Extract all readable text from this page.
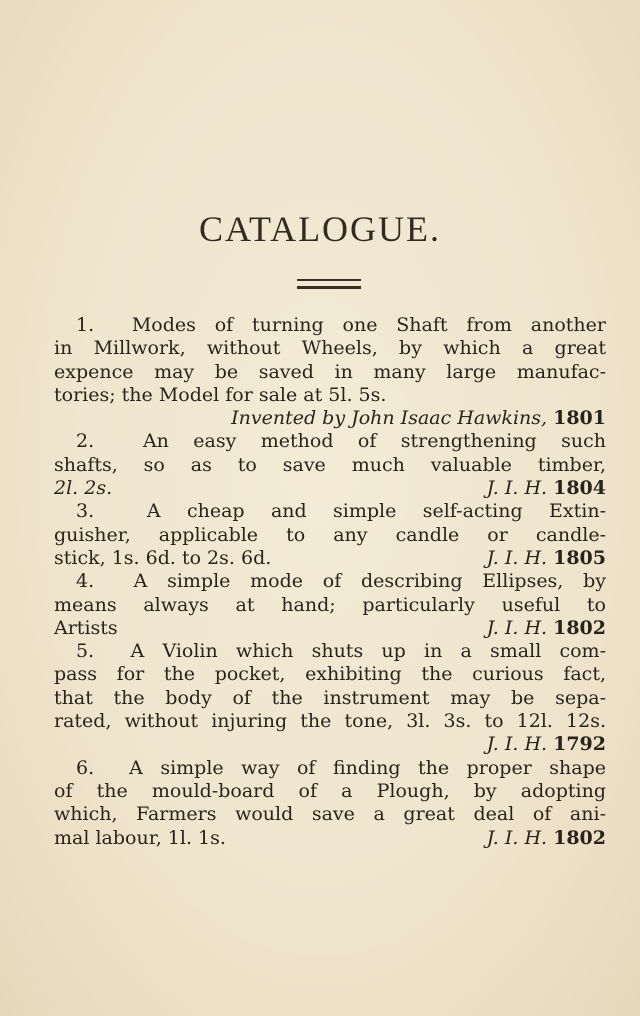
CATALOGUE.
1.  Modes of turning one Shaft from another
in Millwork, without Wheels, by which a great
expence may be saved in many large manufac-
tories; the Model for sale at 5l. 5s.
Invented by John Isaac Hawkins, 1801
2.  An easy method of strengthening such
shafts, so as to save much valuable timber,
2l. 2s.	J. I. H. 1804
3.  A cheap and simple self-acting Extin-
guisher, applicable to any candle or candle-
stick, 1s. 6d. to 2s. 6d.	J. I. H. 1805
4.  A simple mode of describing Ellipses, by
means always at hand; particularly useful to
Artists	J. I. H. 1802
5.  A Violin which shuts up in a small com-
pass for the pocket, exhibiting the curious fact,
that the body of the instrument may be sepa-
rated, without injuring the tone, 3l. 3s. to 12l. 12s.
J. I. H. 1792
6.  A simple way of finding the proper shape
of the mould-board of a Plough, by adopting
which, Farmers would save a great deal of ani-
mal labour, 1l. 1s.	J. I. H. 1802
